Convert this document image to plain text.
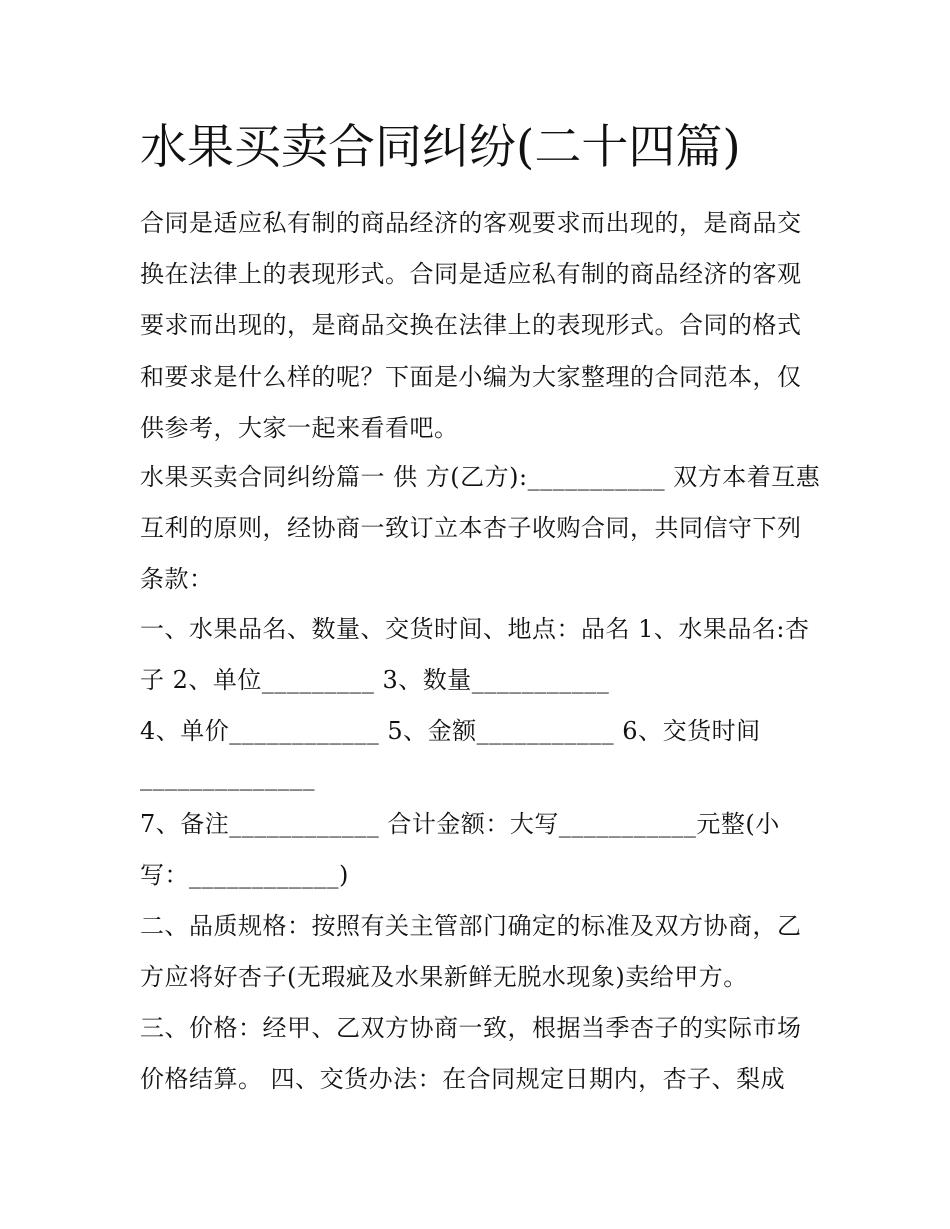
水果买卖合同纠纷(二十四篇)

合同是适应私有制的商品经济的客观要求而出现的，是商品交

换在法律上的表现形式。合同是适应私有制的商品经济的客观

要求而出现的，是商品交换在法律上的表现形式。合同的格式

和要求是什么样的呢？下面是小编为大家整理的合同范本，仅

供参考，大家一起来看看吧。

水果买卖合同纠纷篇一 供 方(乙方):___________ 双方本着互惠

互利的原则，经协商一致订立本杏子收购合同，共同信守下列

条款：

一、水果品名、数量、交货时间、地点：品名 1、水果品名:杏

子 2、单位_________ 3、数量___________

4、单价____________ 5、金额___________ 6、交货时间

______________

7、备注____________ 合计金额：大写___________元整(小

写：____________)

二、品质规格：按照有关主管部门确定的标准及双方协商，乙

方应将好杏子(无瑕疵及水果新鲜无脱水现象)卖给甲方。

三、价格：经甲、乙双方协商一致，根据当季杏子的实际市场

价格结算。 四、交货办法：在合同规定日期内，杏子、梨成
